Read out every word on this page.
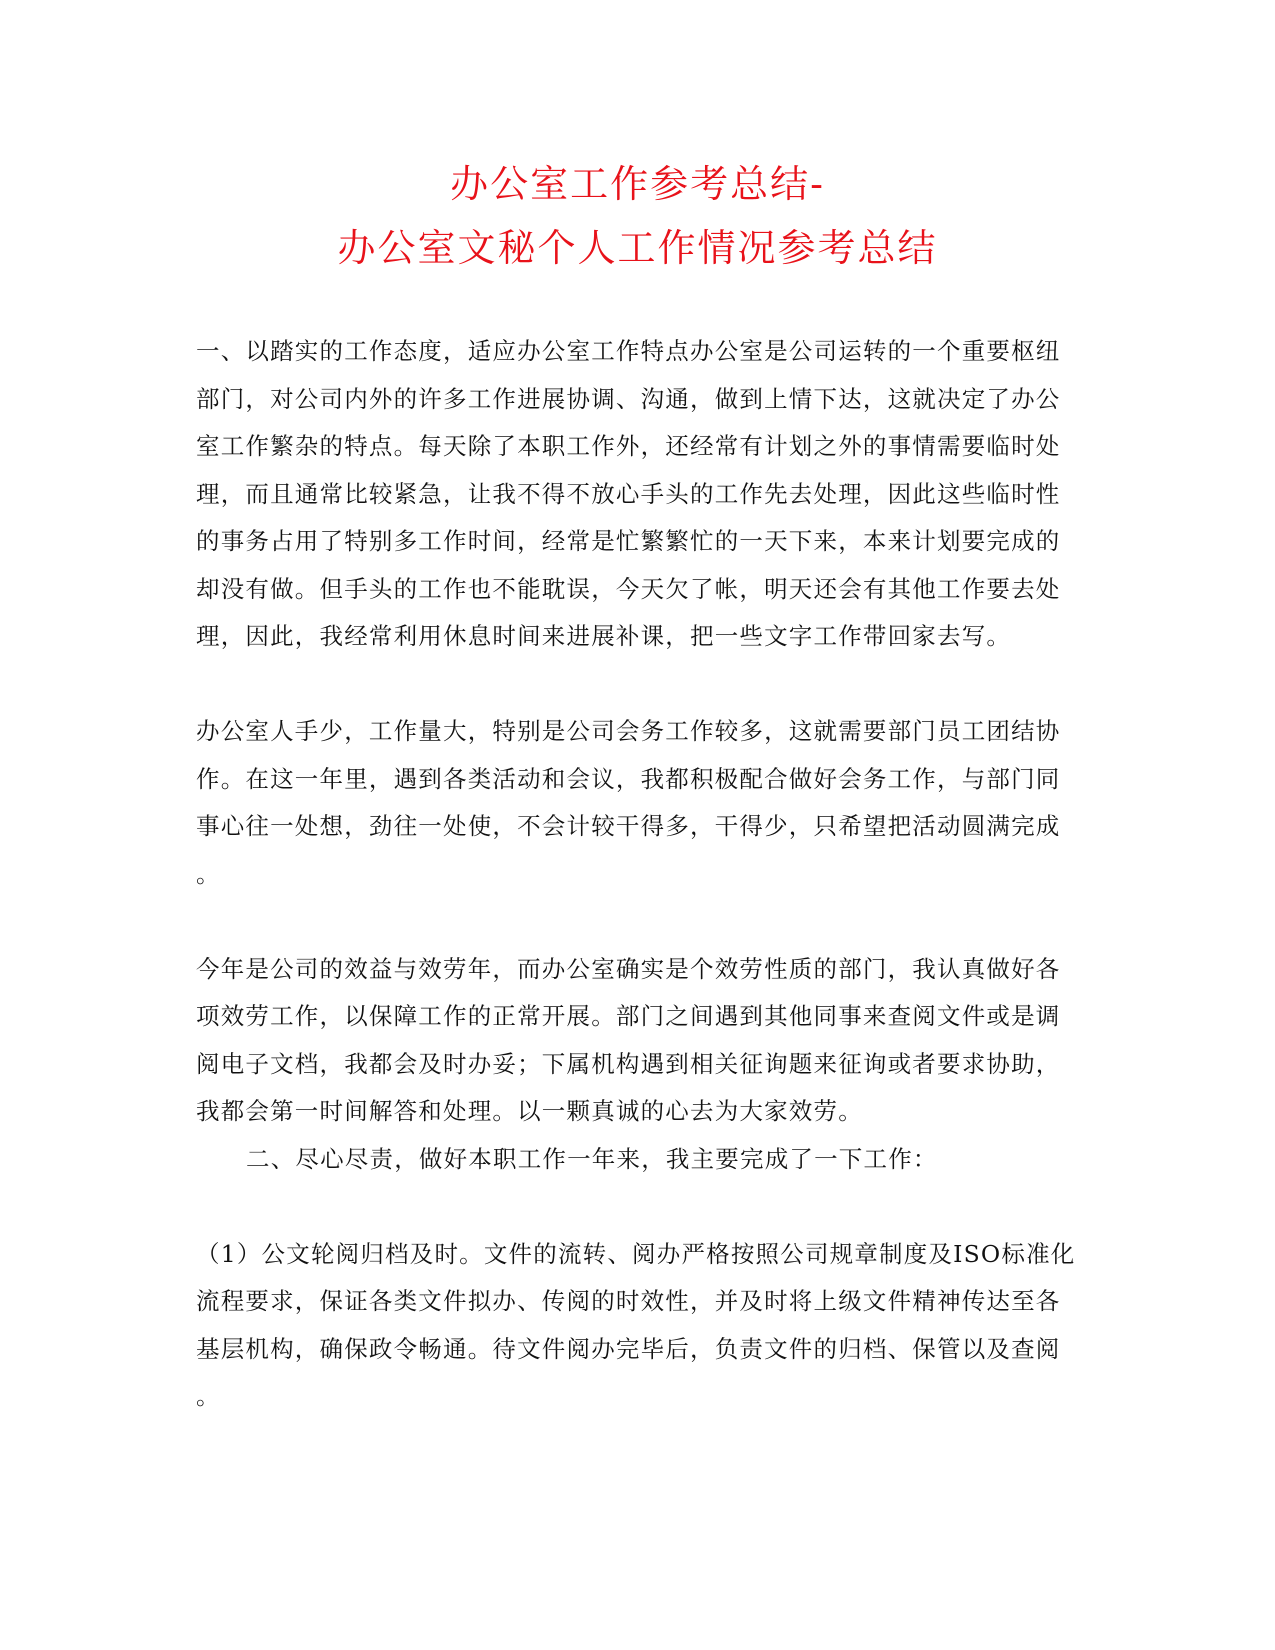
办公室工作参考总结-
办公室文秘个人工作情况参考总结
一、以踏实的工作态度，适应办公室工作特点办公室是公司运转的一个重要枢纽
部门，对公司内外的许多工作进展协调、沟通，做到上情下达，这就决定了办公
室工作繁杂的特点。每天除了本职工作外，还经常有计划之外的事情需要临时处
理，而且通常比较紧急，让我不得不放心手头的工作先去处理，因此这些临时性
的事务占用了特别多工作时间，经常是忙繁繁忙的一天下来，本来计划要完成的
却没有做。但手头的工作也不能耽误，今天欠了帐，明天还会有其他工作要去处
理，因此，我经常利用休息时间来进展补课，把一些文字工作带回家去写。
办公室人手少，工作量大，特别是公司会务工作较多，这就需要部门员工团结协
作。在这一年里，遇到各类活动和会议，我都积极配合做好会务工作，与部门同
事心往一处想，劲往一处使，不会计较干得多，干得少，只希望把活动圆满完成
。
今年是公司的效益与效劳年，而办公室确实是个效劳性质的部门，我认真做好各
项效劳工作，以保障工作的正常开展。部门之间遇到其他同事来查阅文件或是调
阅电子文档，我都会及时办妥；下属机构遇到相关征询题来征询或者要求协助，
我都会第一时间解答和处理。以一颗真诚的心去为大家效劳。
二、尽心尽责，做好本职工作一年来，我主要完成了一下工作：
（1）公文轮阅归档及时。文件的流转、阅办严格按照公司规章制度及ISO标准化
流程要求，保证各类文件拟办、传阅的时效性，并及时将上级文件精神传达至各
基层机构，确保政令畅通。待文件阅办完毕后，负责文件的归档、保管以及查阅
。
